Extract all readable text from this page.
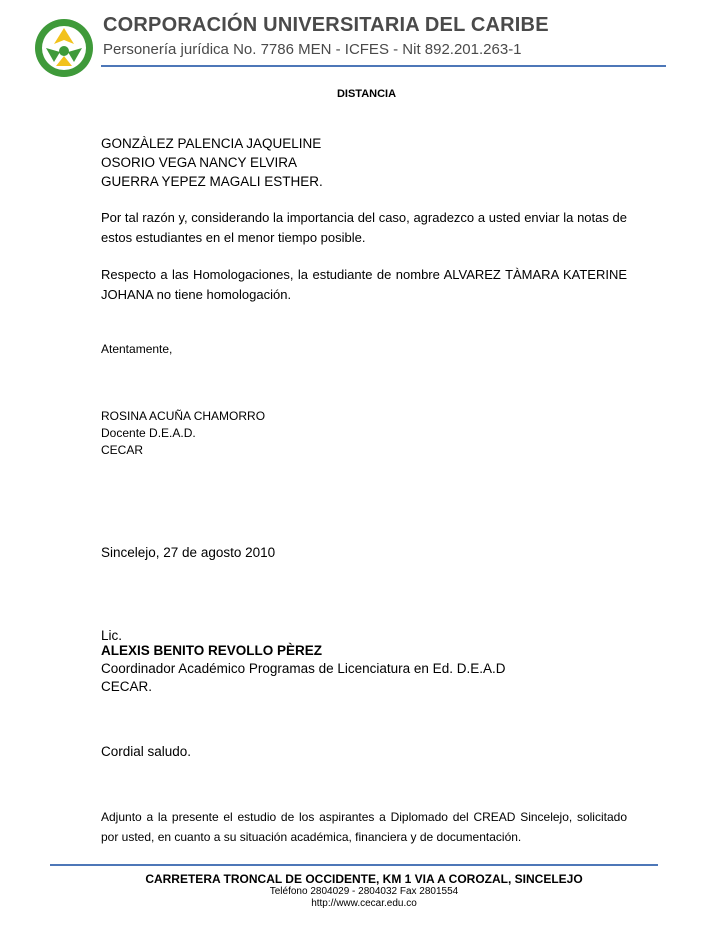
CORPORACIÓN UNIVERSITARIA DEL CARIBE
Personería jurídica No. 7786 MEN - ICFES - Nit 892.201.263-1
DISTANCIA
GONZÀLEZ PALENCIA JAQUELINE
OSORIO VEGA NANCY ELVIRA
GUERRA YEPEZ MAGALI ESTHER.
Por tal razón y, considerando la importancia del caso, agradezco a usted enviar la notas de estos estudiantes en el menor tiempo posible.
Respecto a las Homologaciones, la estudiante de nombre ALVAREZ TÀMARA KATERINE JOHANA no tiene homologación.
Atentamente,
ROSINA ACUÑA CHAMORRO
Docente D.E.A.D.
CECAR
Sincelejo, 27 de agosto 2010
Lic.
ALEXIS BENITO REVOLLO PÈREZ
Coordinador Académico Programas de Licenciatura en Ed. D.E.A.D
CECAR.
Cordial saludo.
Adjunto a la presente el estudio de los aspirantes a Diplomado del CREAD Sincelejo, solicitado por usted, en cuanto a su situación académica, financiera y de documentación.
CARRETERA TRONCAL DE OCCIDENTE, KM 1 VIA A COROZAL, SINCELEJO
Teléfono 2804029 - 2804032 Fax 2801554
http://www.cecar.edu.co
